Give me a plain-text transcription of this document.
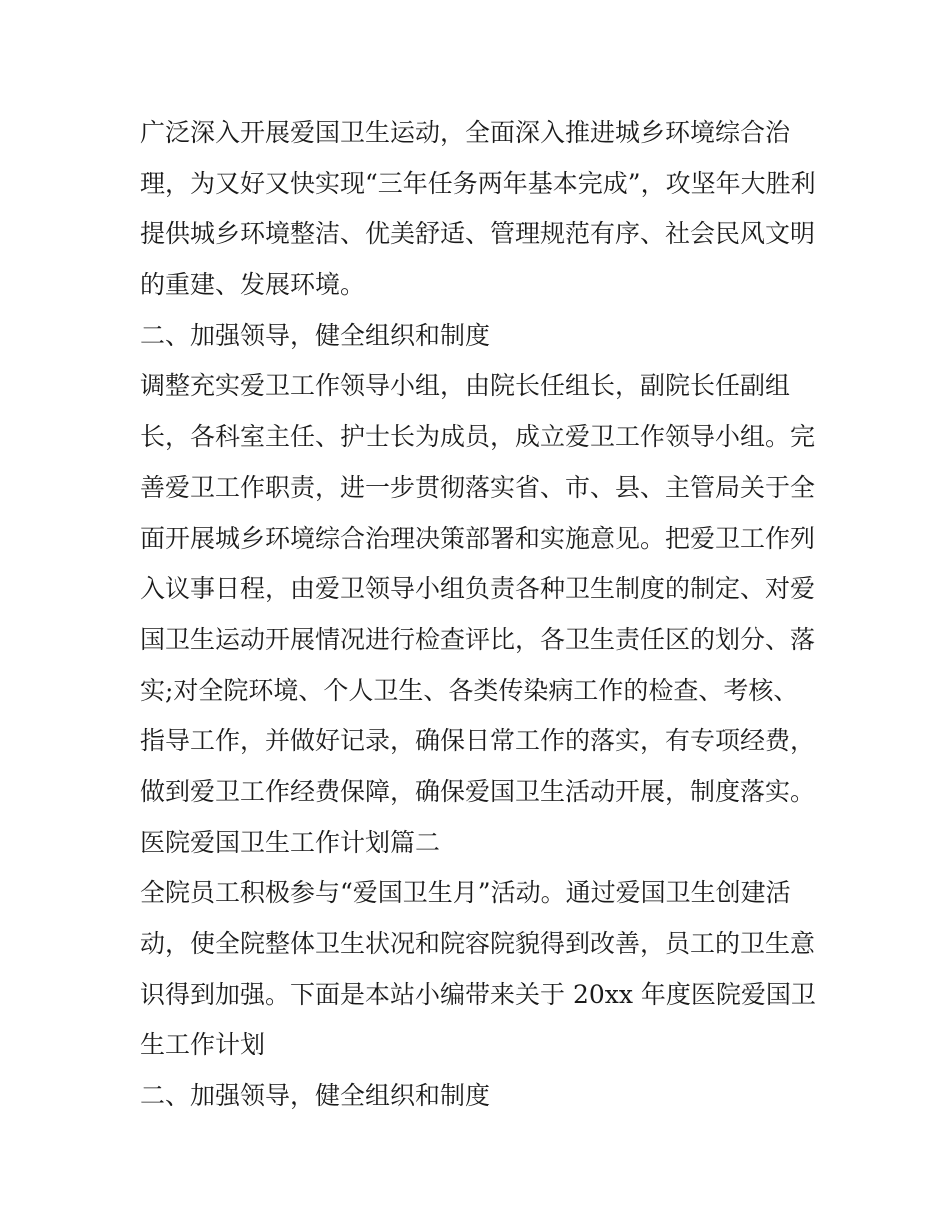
广泛深入开展爱国卫生运动，全面深入推进城乡环境综合治
理，为又好又快实现“三年任务两年基本完成”，攻坚年大胜利
提供城乡环境整洁、优美舒适、管理规范有序、社会民风文明
的重建、发展环境。
二、加强领导，健全组织和制度
调整充实爱卫工作领导小组，由院长任组长，副院长任副组
长，各科室主任、护士长为成员，成立爱卫工作领导小组。完
善爱卫工作职责，进一步贯彻落实省、市、县、主管局关于全
面开展城乡环境综合治理决策部署和实施意见。把爱卫工作列
入议事日程，由爱卫领导小组负责各种卫生制度的制定、对爱
国卫生运动开展情况进行检查评比，各卫生责任区的划分、落
实;对全院环境、个人卫生、各类传染病工作的检查、考核、
指导工作，并做好记录，确保日常工作的落实，有专项经费，
做到爱卫工作经费保障，确保爱国卫生活动开展，制度落实。
医院爱国卫生工作计划篇二
全院员工积极参与“爱国卫生月”活动。通过爱国卫生创建活
动，使全院整体卫生状况和院容院貌得到改善，员工的卫生意
识得到加强。下面是本站小编带来关于 20xx 年度医院爱国卫
生工作计划
二、加强领导，健全组织和制度
